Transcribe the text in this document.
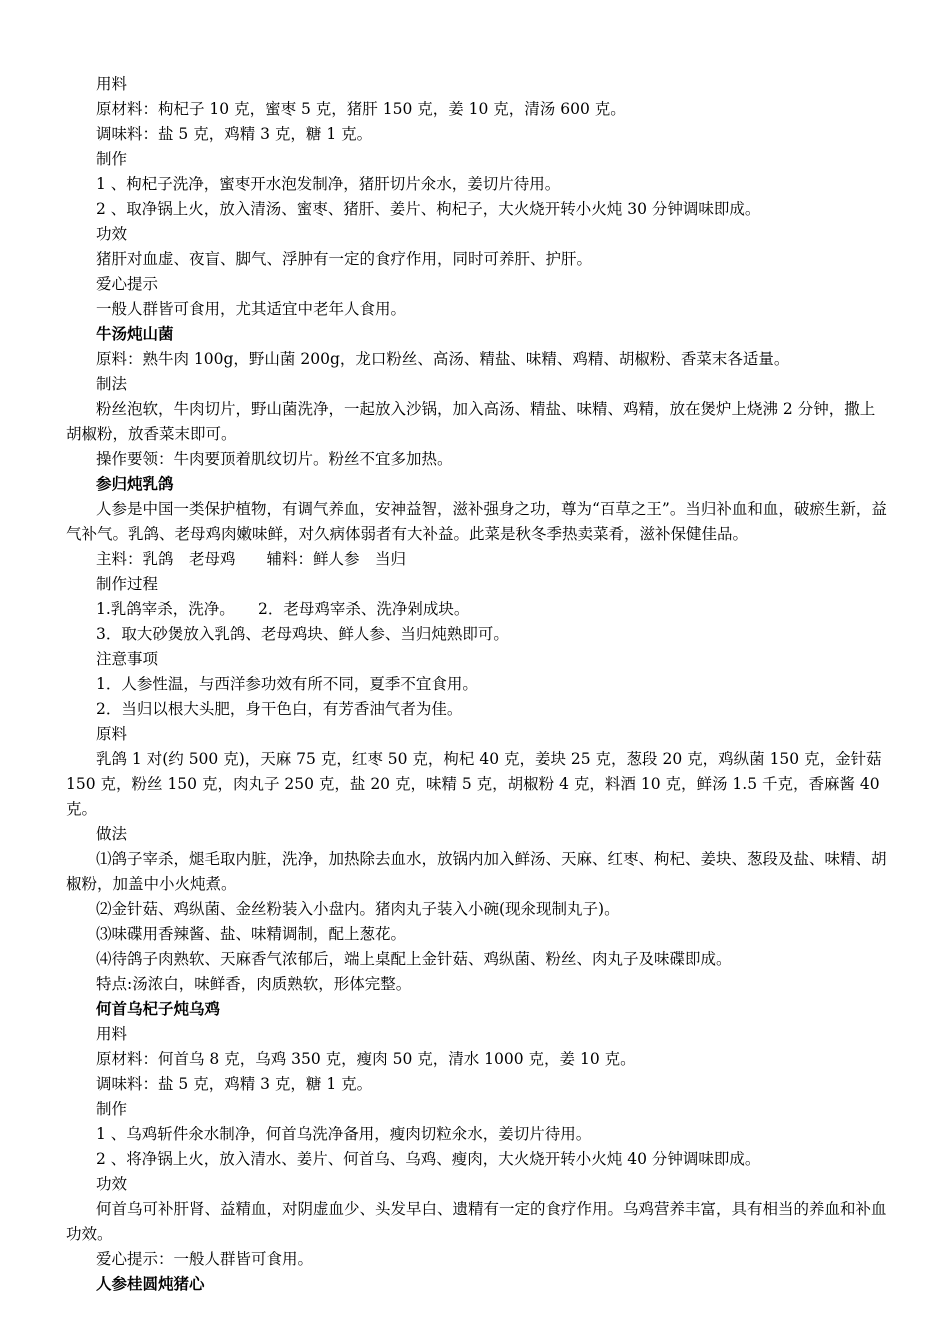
用料
原材料：枸杞子 10 克，蜜枣 5 克，猪肝 150 克，姜 10 克，清汤 600 克。
调味料：盐 5 克，鸡精 3 克，糖 1 克。
制作
1 、枸杞子洗净，蜜枣开水泡发制净，猪肝切片氽水，姜切片待用。
2 、取净锅上火，放入清汤、蜜枣、猪肝、姜片、枸杞子，大火烧开转小火炖 30 分钟调味即成。
功效
猪肝对血虚、夜盲、脚气、浮肿有一定的食疗作用，同时可养肝、护肝。
爱心提示
一般人群皆可食用，尤其适宜中老年人食用。
牛汤炖山菌
原料：熟牛肉 100g，野山菌 200g，龙口粉丝、高汤、精盐、味精、鸡精、胡椒粉、香菜末各适量。
制法
粉丝泡软，牛肉切片，野山菌洗净，一起放入沙锅，加入高汤、精盐、味精、鸡精，放在煲炉上烧沸 2 分钟，撒上胡椒粉，放香菜末即可。
操作要领：牛肉要顶着肌纹切片。粉丝不宜多加热。
参归炖乳鸽
人参是中国一类保护植物，有调气养血，安神益智，滋补强身之功，尊为“百草之王”。当归补血和血，破瘀生新，益气补气。乳鸽、老母鸡肉嫩味鲜，对久病体弱者有大补益。此菜是秋冬季热卖菜肴，滋补保健佳品。
主料：乳鸽　老母鸡　　辅料：鲜人参　当归
制作过程
1.乳鸽宰杀，洗净。　　2．老母鸡宰杀、洗净剁成块。
3．取大砂煲放入乳鸽、老母鸡块、鲜人参、当归炖熟即可。
注意事项
1．人参性温，与西洋参功效有所不同，夏季不宜食用。
2．当归以根大头肥，身干色白，有芳香油气者为佳。
原料
乳鸽 1 对(约 500 克)，天麻 75 克，红枣 50 克，枸杞 40 克，姜块 25 克，葱段 20 克，鸡纵菌 150 克，金针菇 150 克，粉丝 150 克，肉丸子 250 克，盐 20 克，味精 5 克，胡椒粉 4 克，料酒 10 克，鲜汤 1.5 千克，香麻酱 40 克。
做法
⑴鸽子宰杀，煺毛取内脏，洗净，加热除去血水，放锅内加入鲜汤、天麻、红枣、枸杞、姜块、葱段及盐、味精、胡椒粉，加盖中小火炖煮。
⑵金针菇、鸡纵菌、金丝粉装入小盘内。猪肉丸子装入小碗(现氽现制丸子)。
⑶味碟用香辣酱、盐、味精调制，配上葱花。
⑷待鸽子肉熟软、天麻香气浓郁后，端上桌配上金针菇、鸡纵菌、粉丝、肉丸子及味碟即成。
特点:汤浓白，味鲜香，肉质熟软，形体完整。
何首乌杞子炖乌鸡
用料
原材料：何首乌 8 克，乌鸡 350 克，瘦肉 50 克，清水 1000 克，姜 10 克。
调味料：盐 5 克，鸡精 3 克，糖 1 克。
制作
1 、乌鸡斩件氽水制净，何首乌洗净备用，瘦肉切粒氽水，姜切片待用。
2 、将净锅上火，放入清水、姜片、何首乌、乌鸡、瘦肉，大火烧开转小火炖 40 分钟调味即成。
功效
何首乌可补肝肾、益精血，对阴虚血少、头发早白、遗精有一定的食疗作用。乌鸡营养丰富，具有相当的养血和补血功效。
爱心提示：一般人群皆可食用。
人参桂圆炖猪心
